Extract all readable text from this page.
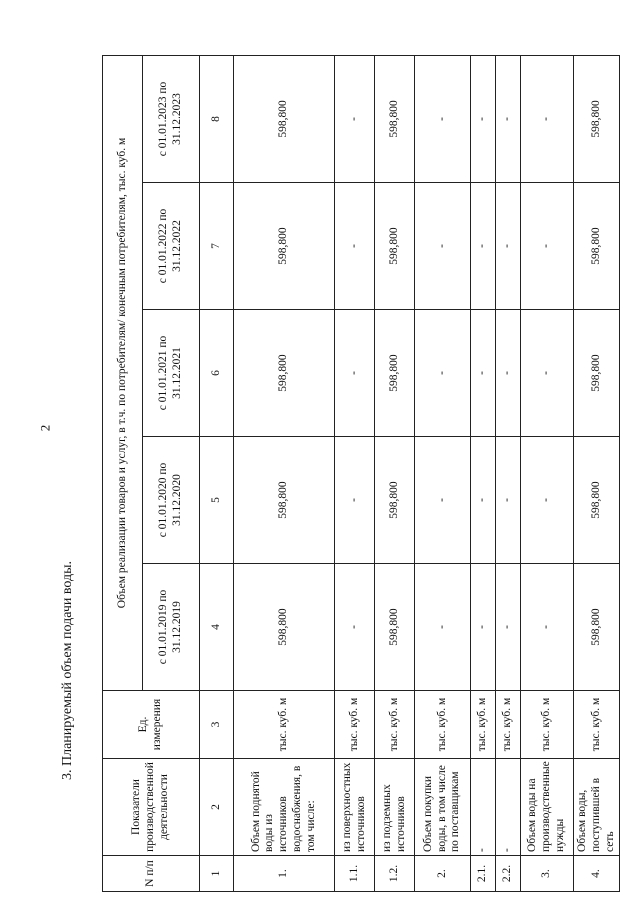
2
3. Планируемый объем подачи воды.
N п/п	Показатели производственной деятельности	Ед. измерения	Объем реализации товаров и услуг, в т.ч. по потребителям/ конечным потребителям, тыс. куб. м				
			с 01.01.2019 по 31.12.2019	с 01.01.2020 по 31.12.2020	с 01.01.2021 по 31.12.2021	с 01.01.2022 по 31.12.2022	с 01.01.2023 по 31.12.2023
1	2	3	4	5	6	7	8
1.	Объем поднятой воды из источников водоснабжения, в том числе:	тыс. куб. м	598,800	598,800	598,800	598,800	598,800
1.1.	из поверхностных источников	тыс. куб. м	-	-	-	-	-
1.2.	из подземных источников	тыс. куб. м	598,800	598,800	598,800	598,800	598,800
2.	Объем покупки воды, в том числе по поставщикам	тыс. куб. м	-	-	-	-	-
2.1.	-	тыс. куб. м	-	-	-	-	-
2.2.	-	тыс. куб. м	-	-	-	-	-
3.	Объем воды на производственные нужды	тыс. куб. м	-	-	-	-	-
4.	Объем воды, поступившей в сеть	тыс. куб. м	598,800	598,800	598,800	598,800	598,800
